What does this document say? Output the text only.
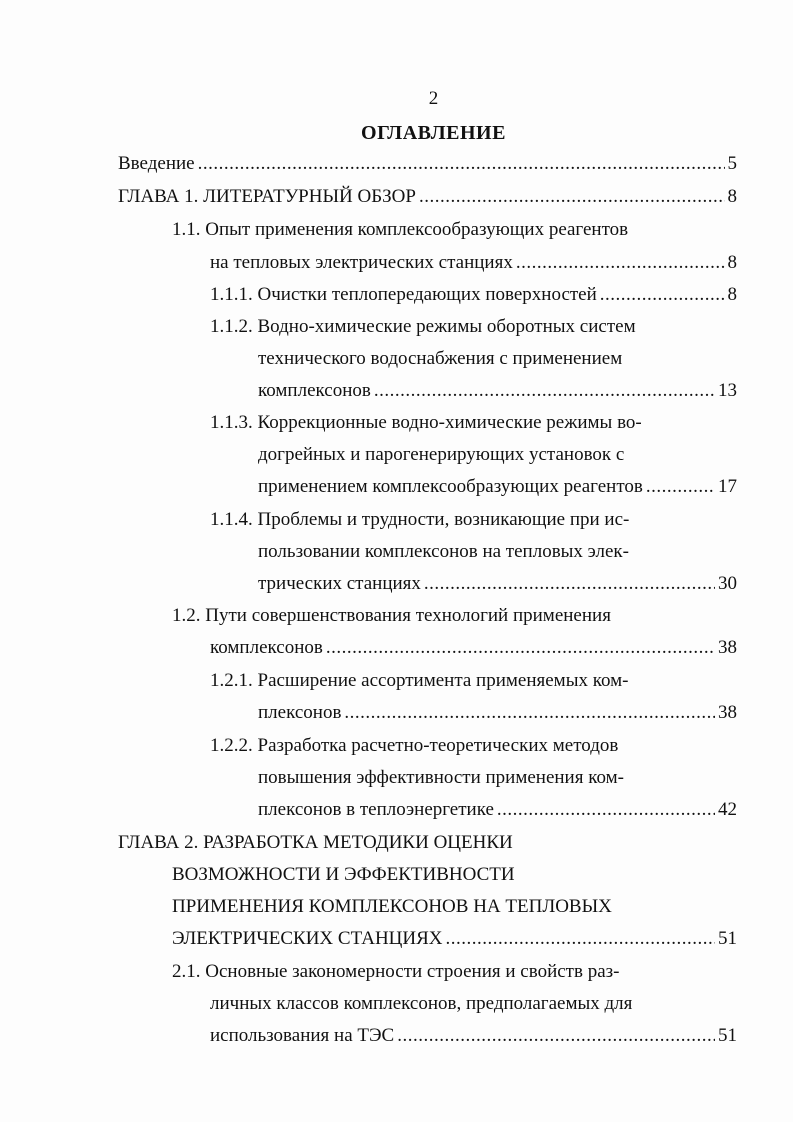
2
ОГЛАВЛЕНИЕ
Введение .....	5
ГЛАВА 1. ЛИТЕРАТУРНЫЙ ОБЗОР .....	8
1.1. Опыт применения комплексообразующих реагентов
на тепловых электрических станциях .....	8
1.1.1. Очистки теплопередающих поверхностей .....	8
1.1.2. Водно-химические режимы оборотных систем
технического водоснабжения с применением
комплексонов .....	13
1.1.3. Коррекционные водно-химические режимы во-
догрейных и парогенерирующих установок с
применением комплексообразующих реагентов .....	17
1.1.4. Проблемы и трудности, возникающие при ис-
пользовании комплексонов на тепловых элек-
трических станциях .....	30
1.2. Пути совершенствования технологий применения
комплексонов .....	38
1.2.1. Расширение ассортимента применяемых ком-
плексонов .....	38
1.2.2. Разработка расчетно-теоретических методов
повышения эффективности применения ком-
плексонов в теплоэнергетике .....	42
ГЛАВА 2. РАЗРАБОТКА МЕТОДИКИ ОЦЕНКИ
ВОЗМОЖНОСТИ И ЭФФЕКТИВНОСТИ
ПРИМЕНЕНИЯ КОМПЛЕКСОНОВ НА ТЕПЛОВЫХ
ЭЛЕКТРИЧЕСКИХ СТАНЦИЯХ .....	51
2.1. Основные закономерности строения и свойств раз-
личных классов комплексонов, предполагаемых для
использования на ТЭС .....	51
